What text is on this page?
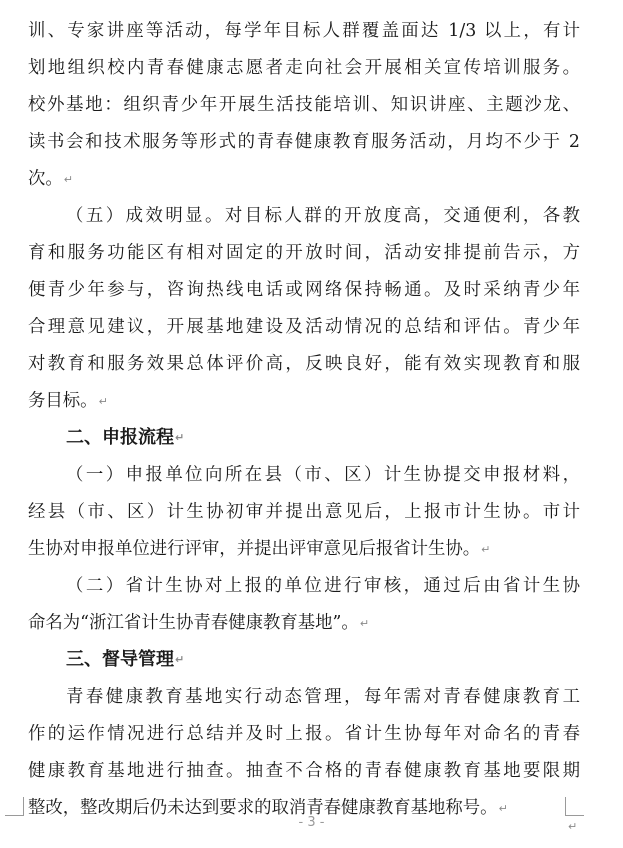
训、专家讲座等活动，每学年目标人群覆盖面达 1/3 以上，有计
划地组织校内青春健康志愿者走向社会开展相关宣传培训服务。
校外基地：组织青少年开展生活技能培训、知识讲座、主题沙龙、
读书会和技术服务等形式的青春健康教育服务活动，月均不少于 2
次。↵
（五）成效明显。对目标人群的开放度高，交通便利，各教
育和服务功能区有相对固定的开放时间，活动安排提前告示，方
便青少年参与，咨询热线电话或网络保持畅通。及时采纳青少年
合理意见建议，开展基地建设及活动情况的总结和评估。青少年
对教育和服务效果总体评价高，反映良好，能有效实现教育和服
务目标。↵
二、申报流程↵
（一）申报单位向所在县（市、区）计生协提交申报材料，
经县（市、区）计生协初审并提出意见后，上报市计生协。市计
生协对申报单位进行评审，并提出评审意见后报省计生协。↵
（二）省计生协对上报的单位进行审核，通过后由省计生协
命名为“浙江省计生协青春健康教育基地”。↵
三、督导管理↵
青春健康教育基地实行动态管理，每年需对青春健康教育工
作的运作情况进行总结并及时上报。省计生协每年对命名的青春
健康教育基地进行抽查。抽查不合格的青春健康教育基地要限期
整改，整改期后仍未达到要求的取消青春健康教育基地称号。↵
- 3 -	↵
